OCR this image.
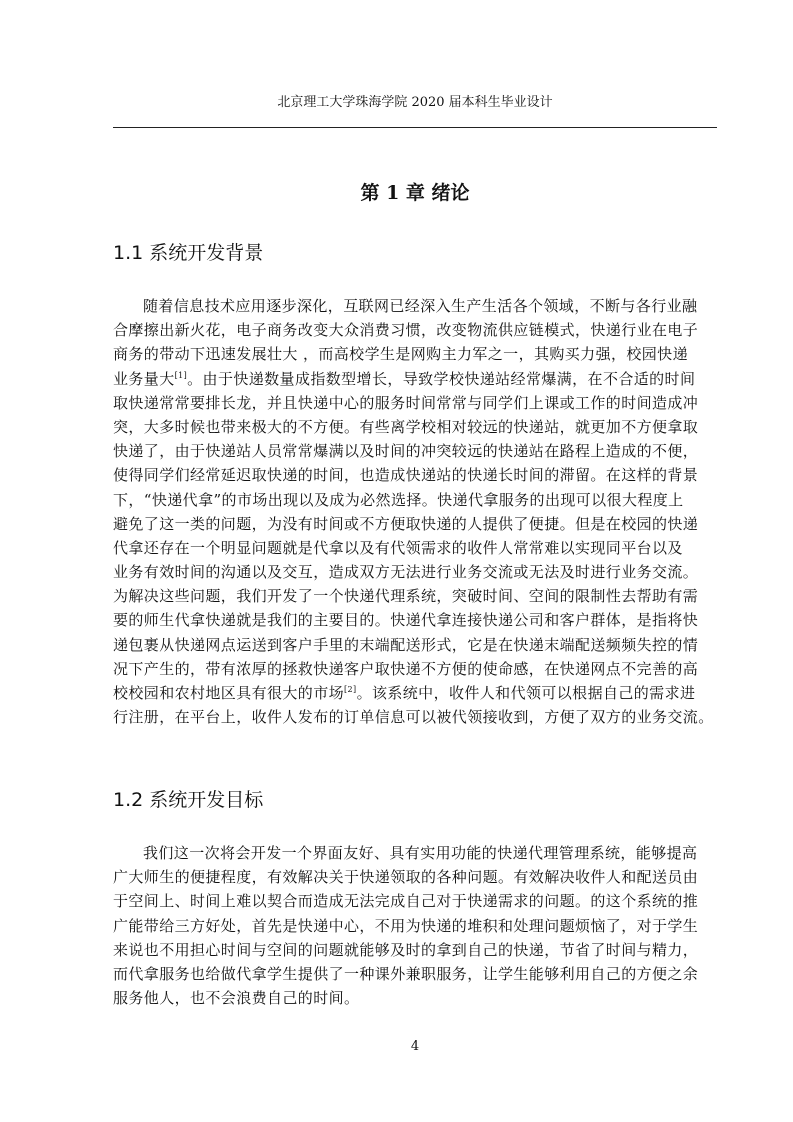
北京理工大学珠海学院 2020 届本科生毕业设计
第 1 章 绪论
1.1 系统开发背景
随着信息技术应用逐步深化，互联网已经深入生产生活各个领域，不断与各行业融
合摩擦出新火花，电子商务改变大众消费习惯，改变物流供应链模式，快递行业在电子
商务的带动下迅速发展壮大 ，而高校学生是网购主力军之一，其购买力强，校园快递
业务量大[1]。由于快递数量成指数型增长，导致学校快递站经常爆满，在不合适的时间
取快递常常要排长龙，并且快递中心的服务时间常常与同学们上课或工作的时间造成冲
突，大多时候也带来极大的不方便。有些离学校相对较远的快递站，就更加不方便拿取
快递了，由于快递站人员常常爆满以及时间的冲突较远的快递站在路程上造成的不便，
使得同学们经常延迟取快递的时间，也造成快递站的快递长时间的滞留。在这样的背景
下，“快递代拿”的市场出现以及成为必然选择。快递代拿服务的出现可以很大程度上
避免了这一类的问题，为没有时间或不方便取快递的人提供了便捷。但是在校园的快递
代拿还存在一个明显问题就是代拿以及有代领需求的收件人常常难以实现同平台以及
业务有效时间的沟通以及交互，造成双方无法进行业务交流或无法及时进行业务交流。
为解决这些问题，我们开发了一个快递代理系统，突破时间、空间的限制性去帮助有需
要的师生代拿快递就是我们的主要目的。快递代拿连接快递公司和客户群体，是指将快
递包裹从快递网点运送到客户手里的末端配送形式，它是在快递末端配送频频失控的情
况下产生的，带有浓厚的拯救快递客户取快递不方便的使命感，在快递网点不完善的高
校校园和农村地区具有很大的市场[2]。该系统中，收件人和代领可以根据自己的需求进
行注册，在平台上，收件人发布的订单信息可以被代领接收到，方便了双方的业务交流。
1.2 系统开发目标
我们这一次将会开发一个界面友好、具有实用功能的快递代理管理系统，能够提高
广大师生的便捷程度，有效解决关于快递领取的各种问题。有效解决收件人和配送员由
于空间上、时间上难以契合而造成无法完成自己对于快递需求的问题。的这个系统的推
广能带给三方好处，首先是快递中心，不用为快递的堆积和处理问题烦恼了，对于学生
来说也不用担心时间与空间的问题就能够及时的拿到自己的快递，节省了时间与精力，
而代拿服务也给做代拿学生提供了一种课外兼职服务，让学生能够利用自己的方便之余
服务他人，也不会浪费自己的时间。
4
